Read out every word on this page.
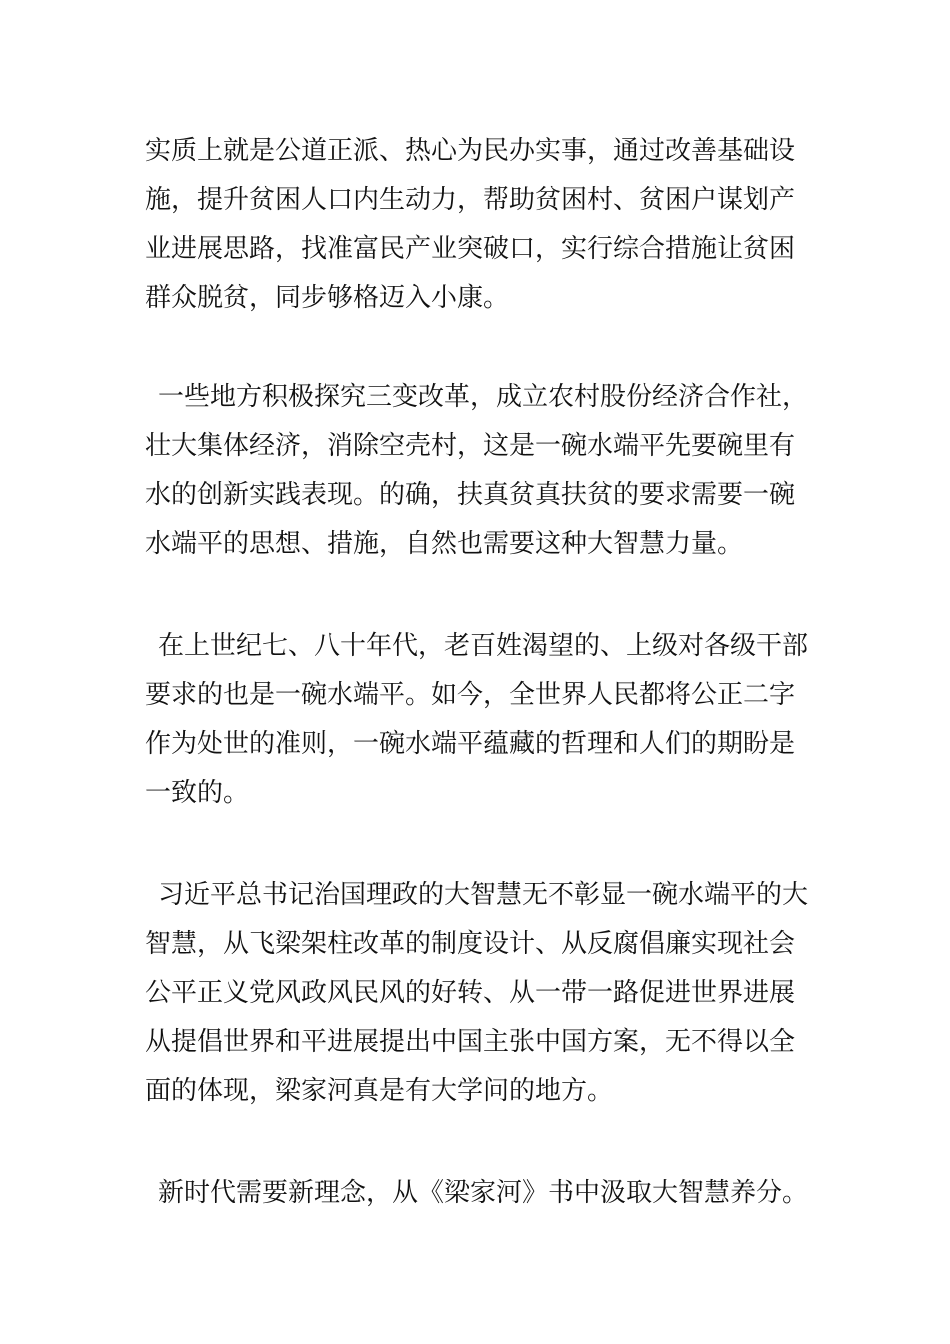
实质上就是公道正派、热心为民办实事，通过改善基础设
施，提升贫困人口内生动力，帮助贫困村、贫困户谋划产
业进展思路，找准富民产业突破口，实行综合措施让贫困
群众脱贫，同步够格迈入小康。

一些地方积极探究三变改革，成立农村股份经济合作社，
壮大集体经济，消除空壳村，这是一碗水端平先要碗里有
水的创新实践表现。的确，扶真贫真扶贫的要求需要一碗
水端平的思想、措施，自然也需要这种大智慧力量。

在上世纪七、八十年代，老百姓渴望的、上级对各级干部
要求的也是一碗水端平。如今，全世界人民都将公正二字
作为处世的准则，一碗水端平蕴藏的哲理和人们的期盼是
一致的。

习近平总书记治国理政的大智慧无不彰显一碗水端平的大
智慧，从飞梁架柱改革的制度设计、从反腐倡廉实现社会
公平正义党风政风民风的好转、从一带一路促进世界进展
从提倡世界和平进展提出中国主张中国方案，无不得以全
面的体现，梁家河真是有大学问的地方。

新时代需要新理念，从《梁家河》书中汲取大智慧养分。
